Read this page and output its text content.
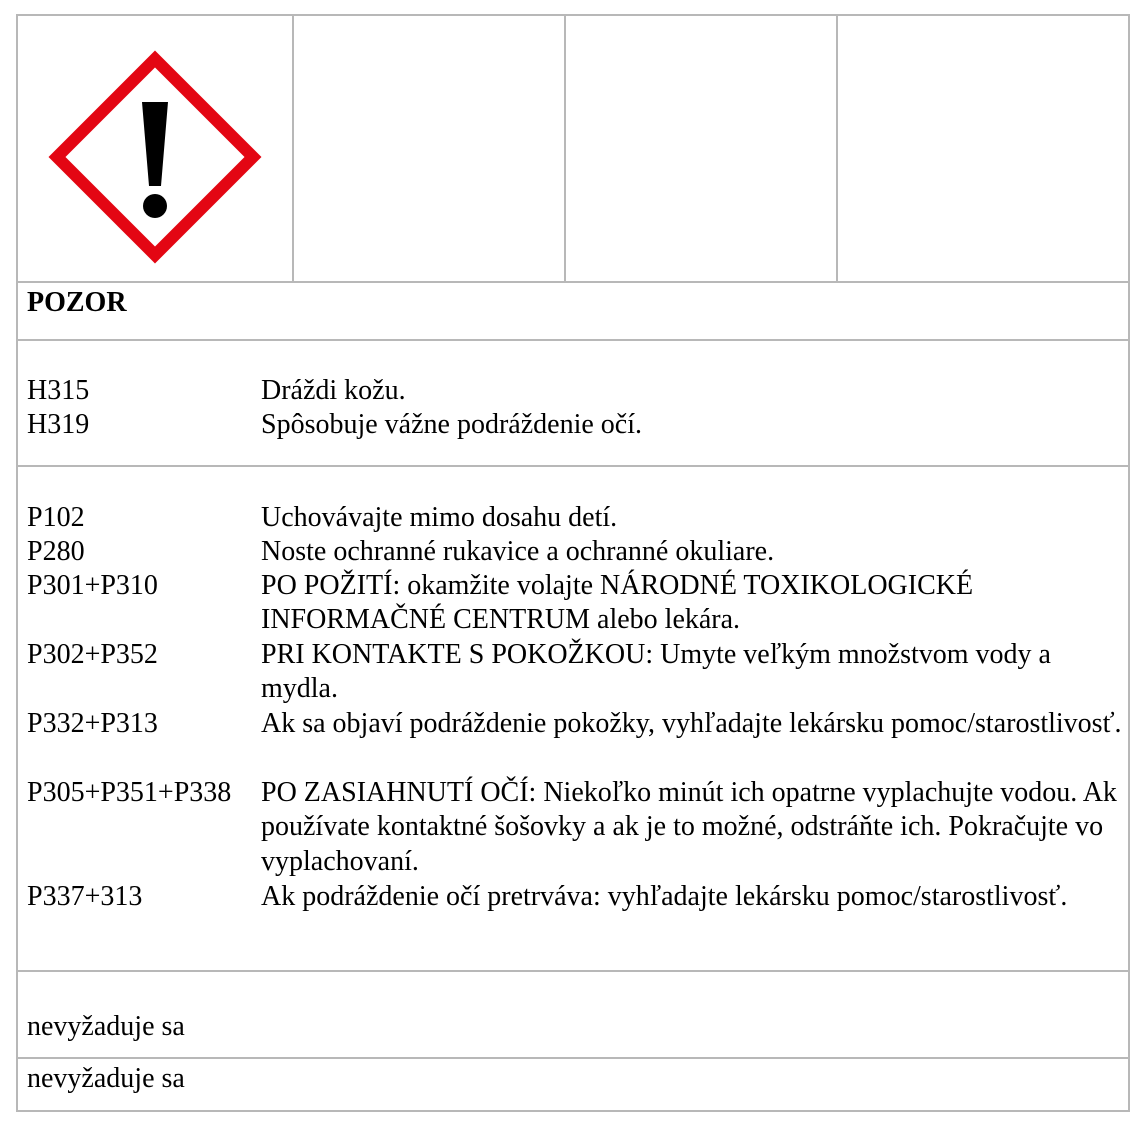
POZOR
H315	Dráždi kožu.
H319	Spôsobuje vážne podráždenie očí.
P102	Uchovávajte mimo dosahu detí.
P280	Noste ochranné rukavice a ochranné okuliare.
P301+P310	PO POŽITÍ: okamžite volajte NÁRODNÉ TOXIKOLOGICKÉ INFORMAČNÉ CENTRUM alebo lekára.
P302+P352	PRI KONTAKTE S POKOŽKOU: Umyte veľkým množstvom vody a mydla.
P332+P313	Ak sa objaví podráždenie pokožky, vyhľadajte lekársku pomoc/starostlivosť.
P305+P351+P338	PO ZASIAHNUTÍ OČÍ: Niekoľko minút ich opatrne vyplachujte vodou. Ak používate kontaktné šošovky a ak je to možné, odstráňte ich. Pokračujte vo vyplachovaní.
P337+313	Ak podráždenie očí pretrváva: vyhľadajte lekársku pomoc/starostlivosť.
nevyžaduje sa
nevyžaduje sa
